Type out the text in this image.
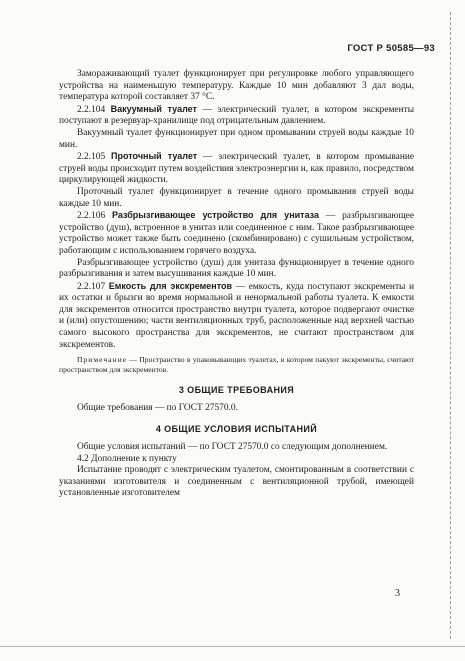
ГОСТ Р 50585—93

Замораживающий туалет функционирует при регулировке любого управляющего устройства на наименьшую температуру. Каждые 10 мин добавляют 3 дал воды, температура которой составляет 37 °С.

2.2.104 Вакуумный туалет — электрический туалет, в котором экскременты поступают в резервуар-хранилище под отрицательным давлением.

Вакуумный туалет функционирует при одном промывании струей воды каждые 10 мин.

2.2.105 Проточный туалет — электрический туалет, в котором промывание струей воды происходит путем воздействия электроэнергии и, как правило, посредством циркулирующей жидкости.

Проточный туалет функционирует в течение одного промывания струей воды каждые 10 мин.

2.2.106 Разбрызгивающее устройство для унитаза — разбрызгивающее устройство (душ), встроенное в унитаз или соединенное с ним. Такое разбрызгивающее устройство может также быть соединено (скомбинировано) с сушильным устройством, работающим с использованием горячего воздуха.

Разбрызгивающее устройство (душ) для унитаза функционирует в течение одного разбрызгивания и затем высушивания каждые 10 мин.

2.2.107 Емкость для экскрементов — емкость, куда поступают экскременты и их остатки и брызги во время нормальной и ненормальной работы туалета. К емкости для экскрементов относится пространство внутри туалета, которое подвергают очистке и (или) опустошению; части вентиляционных труб, расположенные над верхней частью самого высокого пространства для экскрементов, не считают пространством для экскрементов.

Примечание — Пространство в упаковывающих туалетах, в котором пакуют экскременты, считают пространством для экскрементов.

3 ОБЩИЕ ТРЕБОВАНИЯ

Общие требования — по ГОСТ 27570.0.

4 ОБЩИЕ УСЛОВИЯ ИСПЫТАНИЙ

Общие условия испытаний — по ГОСТ 27570.0 со следующим дополнением.

4.2 Дополнение к пункту

Испытание проводят с электрическим туалетом, смонтированным в соответствии с указаниями изготовителя и соединенным с вентиляционной трубой, имеющей установленные изготовителем

3
